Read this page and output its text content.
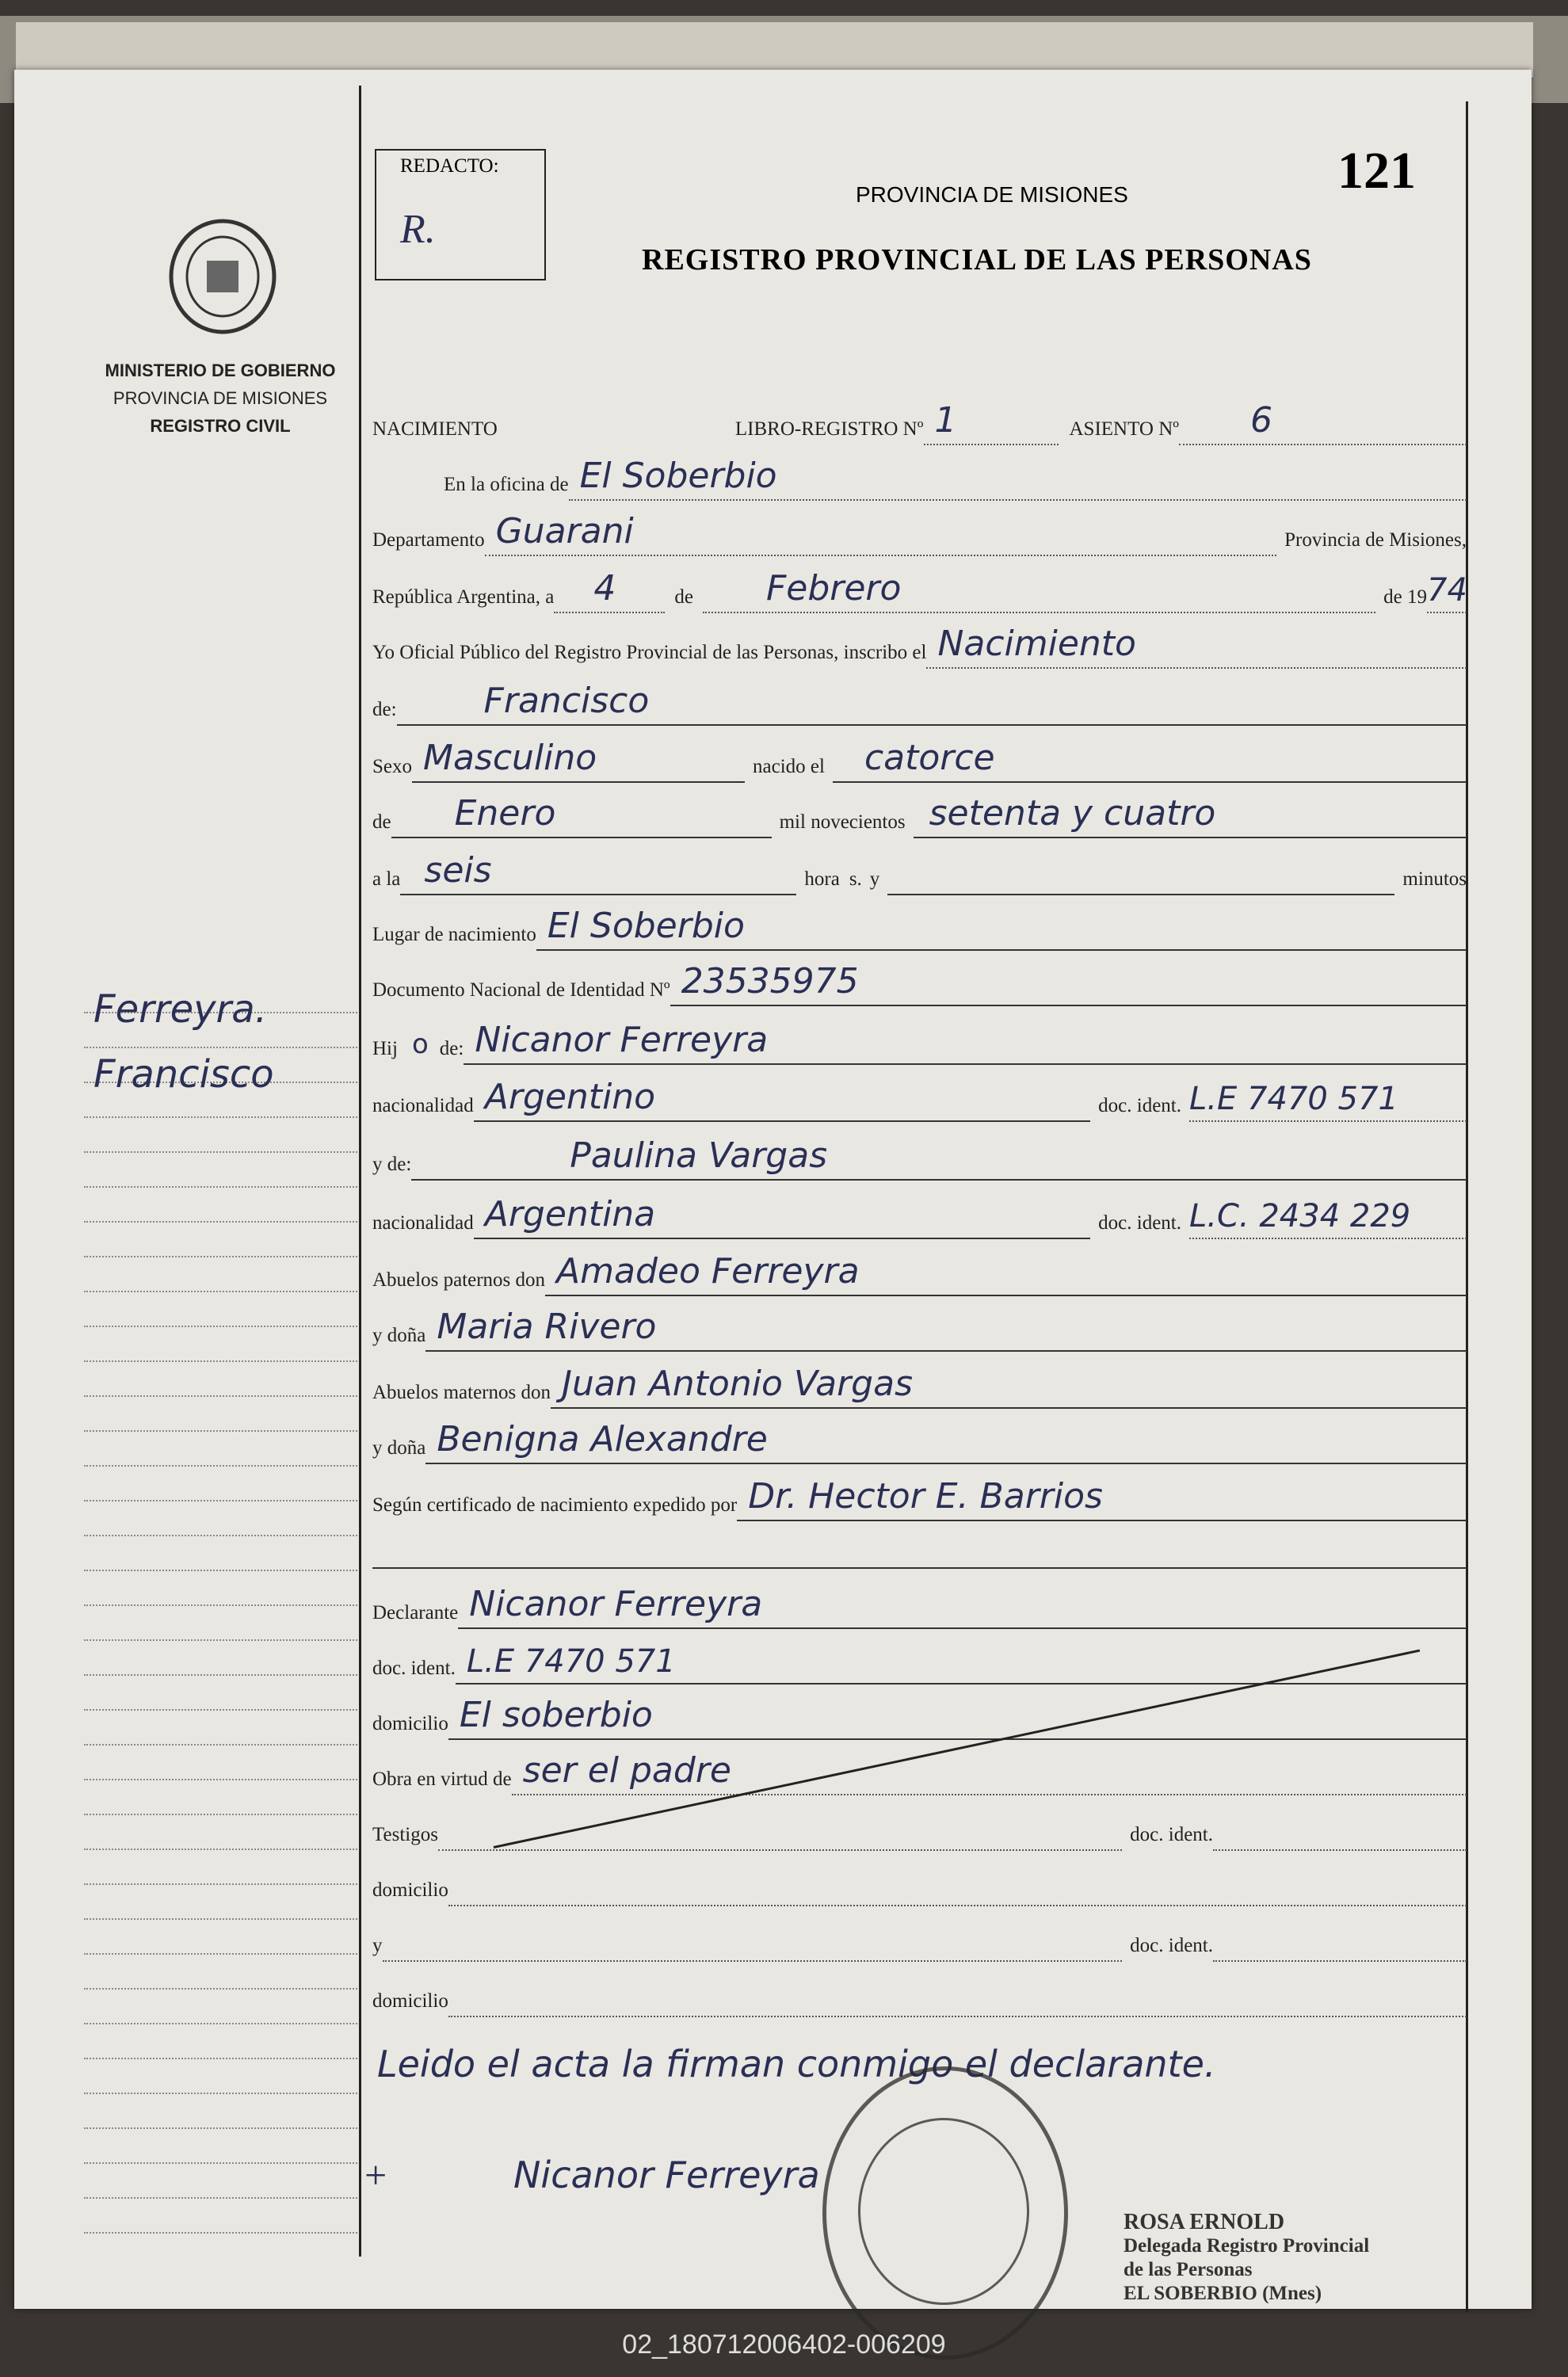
MINISTERIO DE GOBIERNO
PROVINCIA DE MISIONES
REGISTRO CIVIL
Ferreyra.
Francisco
REDACTO:
R.
121
PROVINCIA DE MISIONES
REGISTRO PROVINCIAL DE LAS PERSONAS
NACIMIENTO	LIBRO-REGISTRO Nº 1	ASIENTO Nº 6
En la oficina de El Soberbio
Departamento Guarani	Provincia de Misiones,
República Argentina, a 4	de Febrero	de 19 74
Yo Oficial Público del Registro Provincial de las Personas, inscribo el Nacimiento
de:	Francisco
Sexo Masculino	nacido el catorce
de Enero	mil novecientos setenta y cuatro
a la seis	hora s. y	minutos
Lugar de nacimiento El Soberbio
Documento Nacional de Identidad Nº 23535975
Hij o de: Nicanor Ferreyra
nacionalidad Argentino	doc. ident. L.E 7470 571
y de:	Paulina Vargas
nacionalidad Argentina	doc. ident. L.C. 2434 229
Abuelos paternos don Amadeo Ferreyra
y doña Maria Rivero
Abuelos maternos don Juan Antonio Vargas
y doña Benigna Alexandre
Según certificado de nacimiento expedido por Dr. Hector E. Barrios
Declarante Nicanor Ferreyra
doc. ident. L.E 7470 571
domicilio El soberbio
Obra en virtud de ser el padre
Testigos	doc. ident.
domicilio
y	doc. ident.
domicilio
Leido el acta la firman conmigo el declarante.
+	Nicanor Ferreyra
ROSA ERNOLD
Delegada Registro Provincial
de las Personas
EL SOBERBIO (Mnes)
02_180712006402-006209
